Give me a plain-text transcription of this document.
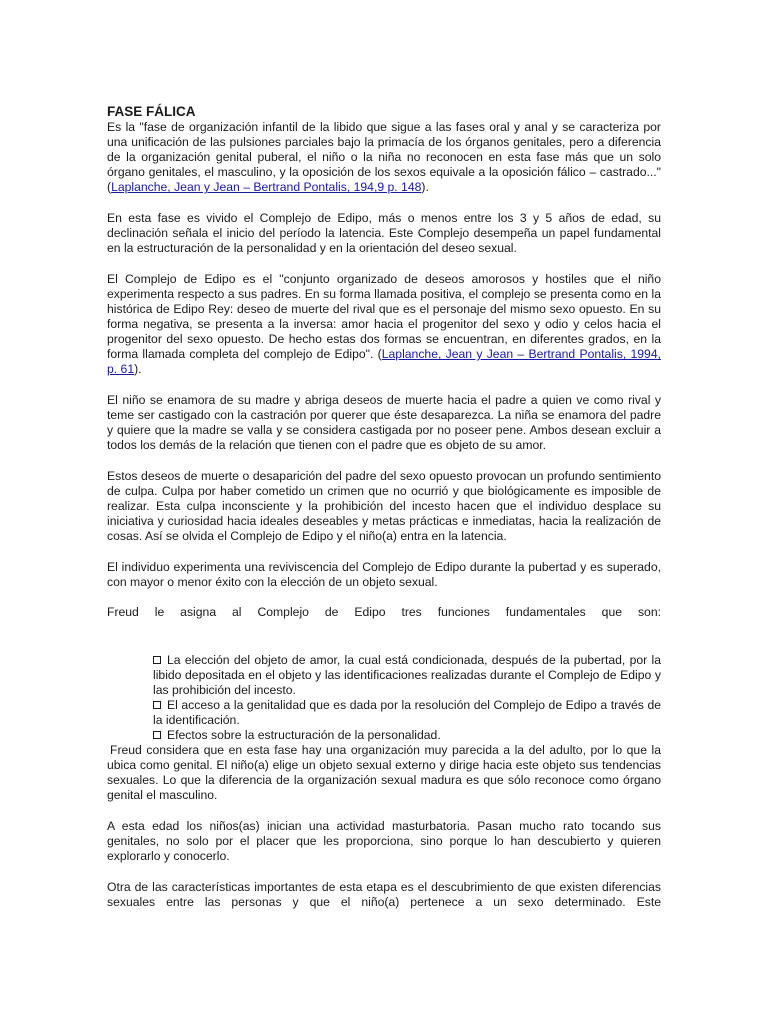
FASE FÁLICA

Es la "fase de organización infantil de la libido que sigue a las fases oral y anal y se caracteriza por una unificación de las pulsiones parciales bajo la primacía de los órganos genitales, pero a diferencia de la organización genital puberal, el niño o la niña no reconocen en esta fase más que un solo órgano genitales, el masculino, y la oposición de los sexos equivale a la oposición fálico – castrado..." (Laplanche, Jean y Jean – Bertrand Pontalis, 194,9 p. 148).

En esta fase es vivido el Complejo de Edipo, más o menos entre los 3 y 5 años de edad, su declinación señala el inicio del período la latencia. Este Complejo desempeña un papel fundamental en la estructuración de la personalidad y en la orientación del deseo sexual.

El Complejo de Edipo es el "conjunto organizado de deseos amorosos y hostiles que el niño experimenta respecto a sus padres. En su forma llamada positiva, el complejo se presenta como en la histórica de Edipo Rey: deseo de muerte del rival que es el personaje del mismo sexo opuesto. En su forma negativa, se presenta a la inversa: amor hacia el progenitor del sexo y odio y celos hacia el progenitor del sexo opuesto. De hecho estas dos formas se encuentran, en diferentes grados, en la forma llamada completa del complejo de Edipo". (Laplanche, Jean y Jean – Bertrand Pontalis, 1994, p. 61).

El niño se enamora de su madre y abriga deseos de muerte hacia el padre a quien ve como rival y teme ser castigado con la castración por querer que éste desaparezca. La niña se enamora del padre y quiere que la madre se valla y se considera castigada por no poseer pene. Ambos desean excluir a todos los demás de la relación que tienen con el padre que es objeto de su amor.

Estos deseos de muerte o desaparición del padre del sexo opuesto provocan un profundo sentimiento de culpa. Culpa por haber cometido un crimen que no ocurrió y que biológicamente es imposible de realizar. Esta culpa inconsciente y la prohibición del incesto hacen que el individuo desplace su iniciativa y curiosidad hacia ideales deseables y metas prácticas e inmediatas, hacia la realización de cosas. Así se olvida el Complejo de Edipo y el niño(a) entra en la latencia.

El individuo experimenta una reviviscencia del Complejo de Edipo durante la pubertad y es superado, con mayor o menor éxito con la elección de un objeto sexual.

Freud le asigna al Complejo de Edipo tres funciones fundamentales que son:

La elección del objeto de amor, la cual está condicionada, después de la pubertad, por la libido depositada en el objeto y las identificaciones realizadas durante el Complejo de Edipo y las prohibición del incesto.
El acceso a la genitalidad que es dada por la resolución del Complejo de Edipo a través de la identificación.
Efectos sobre la estructuración de la personalidad.

Freud considera que en esta fase hay una organización muy parecida a la del adulto, por lo que la ubica como genital. El niño(a) elige un objeto sexual externo y dirige hacia este objeto sus tendencias sexuales. Lo que la diferencia de la organización sexual madura es que sólo reconoce como órgano genital el masculino.

A esta edad los niños(as) inician una actividad masturbatoria. Pasan mucho rato tocando sus genitales, no solo por el placer que les proporciona, sino porque lo han descubierto y quieren explorarlo y conocerlo.

Otra de las características importantes de esta etapa es el descubrimiento de que existen diferencias sexuales entre las personas y que el niño(a) pertenece a un sexo determinado. Este
